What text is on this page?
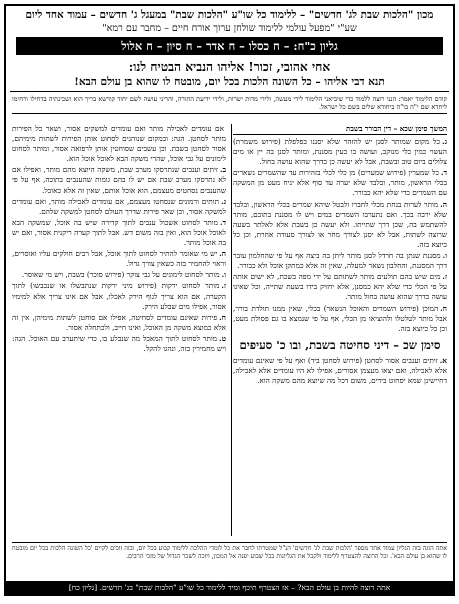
מכון "הלכות שבת לג' חדשים" – ללימוד כל שו"ע "הלכות שבת" במעגל ג' חדשים – עמוד אחד ליום
שע"י "מפעל עולמי ללימוד שולחן ערוך אורח חיים – מחבר עם רמא"
גליון כ"ח: – ח כסלו – ח אדר – ח סיון – ח אלול
אחי אהובי, זכור! אליהו הנביא הבטיח לנו:
תנא דבי אליהו – כל השונה הלכות בכל יום, מובטח לו שהוא בן עולם הבא!
קודם הלימוד יאמר: הנני רוצה ללמוד כדי שיביאני הלימוד לידי מעשה, ולידי מדות ישרות, ולידי ידיעת התורה, והריני עושה לשם יחוד קודשא בריך הוא ושכינתיה בדחילו ורחימו ליחדא שם י"ה בו"ה ביחודא שלים בשם כל ישראל.
המשך סימן שכא – דין הבורר בשבת

ג.כל מקום שמותר לסנן יש להזהר שלא יסננו בפלפלת (פירוש משמרת) העשוי כמין כלי מנוקב, ועושה בו כעין מסננת, ומותר לסנן בה יין או מים צלולים ביום טוב ובשבת, אבל לא יעשה כן כדרך שהוא עושה בחול.

ד.כל שמערין (פירוש שמערים) מן כלי לכלי בזהירות עד שהשמרים נשארים בכלי הראשון, מותר, ובלבד שלא יערה עד סוף אלא יניח מעט מן המשקה עם השמרים כדי שלא יהא כבורר.

ה.מותר לערות בנחת מכלי לחברו ולבטל שיהא שמרים בכלי הראשון, ובלבד שלא ירבה בכך. ואם נתערבו השמרים במים ויש לו מסננת בתוכם, מותר להשתמש בה, שכן דרך שתייתו. ולא יעשה כן בשבת אלא לאלתר בשעה שרוצה לשתות, אבל לא יסנן לצורך מחר או לצורך סעודה אחרת, וכן כל כיוצא בזה.

ו.מסננת שנתן בה חרדל לסנן מותר ליתן בה ביצה אף על פי שהחלמון עובר דרך המסננת, והחלבון נשאר למעלה, שאין זה אלא כמתקן אוכל ולא כבורר.

ז.מים שיש בהם תולעים מותר לשתותם על ידי מפה בשבת, לא ישים אותה על פי הכלי כדי שלא יהא כמסנן, אלא יחזיק בידו בשעת שתייה, וכל שאינו עושה כדרך שהוא עושה בחול מותר.

ח.המוכן (פירוש השמרים והאוכל הנשאר) בכלי, שאין ממנו תולדת בורר, אבל מותר לטלטלו ולהוציאו מן הכלי, אף על פי שנמצא בו גם פסולת מעט, וכן כל כיוצא בזה.

סימן שכ – דיני סחיטה בשבת, ובו כ' סעיפים

א.זיתים וענבים אסור לסחטן (פירוש לסחטן ביד) ואף על פי שאינם עומדים אלא לאכילה, ואם יצאו מעצמן אסורים, אפילו לא היו עומדים אלא לאכילה, דחיישינן שמא יסחוט בידים, משום דכל מה שיוצא מהם משקה הוא.

אם עומדים לאכילה מותר ואם עומדים למשקים אסור, ושאר כל הפירות מותר לסחטן. הגה: ובמקום שנוהגים לסחוט אותן הפירות לשתות מימיהם, אסור לסחטן בשבת. וכן עשבים שסוחטין אותן לרפואה אסור, ומותר לסחוט לימונים על גבי אוכל, שהרי משקה הבא לאוכל אוכל הוא.

ב.זיתים וענבים שנתרסקו מערב שבת, משקה היוצא מהם מותר, ואפילו אם לא נתרסקו מערב שבת אם יש לו בהם גומות שהענבים בתוכה, אף על פי שהענבים נסחטים מעצמם, הוא אוכל אותם, שאין זה אלא כאוכל.

ג.תותים ורמונים שנסחטו מעצמם, אם עומדים לאכילה מותר, ואם עומדים למשקה אסור, וכן שאר פירות שדרך העולם לסחטן למשקה שלהם.

ד.מותר לסחוט אשכול ענבים לתוך קדירה שיש בה אוכל, שמשקה הבא לאוכל אוכל הוא, ואין בזה משום דש. אבל לתוך קערה ריקנית אסור, ואם יש בה אוכל מותר.

ה.יש מי שאומר להתיר לסחוט לתוך אוכל, אבל רבים חולקים עליו ואוסרים, וראוי להחמיר בזה כשאין צורך גדול.

ו.מותר לסחוט לימונים על גבי צוקר (פירוש סוכר) בשבת, ויש מי שאוסר.

ז.מותר לסחוט ירקות (פירוש מיני ירקות שנתבשלו או שנכבשו) לתוך הקערה, אם הוא צריך לגוף הירק לאכלו, אבל אם אינו צריך אלא למימיו אסור, אפילו מים שבלע הירק.

ח.פירות שאינם עומדים לסחיטה, אפילו אם סוחטן לשתות מימיהן, אין זה אלא כמוצא משקה מן האוכל, ואינו חייב, ולכתחלה אסור.

ט.מותר לסחוט לתוך המאכל מה שנבלע בו, כדי שיתערב עם האוכל. הגה: ויש מחמירין בזה, ונהגו להקל.

אתה הוגה בזה הגליון עמוד אחד מספר 'הלכות שבת לג' חדשים' הנ"ל שמטרתו לחבר את כל לומדי ההלכה ללימוד קבוע בכל יום, ובזה זוכים לקיים 'כל השונה הלכות בכל יום מובטח לו שהוא בן עולם הבא'. וכל הרוצה להצטרף ללימוד ולקבל את הגליונות בכל שבוע יפנה אל המכון, ויזכה לשכר הגדול של מזכי הרבים.
אתה רוצה להיות בן עולם הבא? – אז הצטרף תיכף ומיד ללימוד כל שו"ע "הלכות שבת" בג' חדשים. [גליון כח]
